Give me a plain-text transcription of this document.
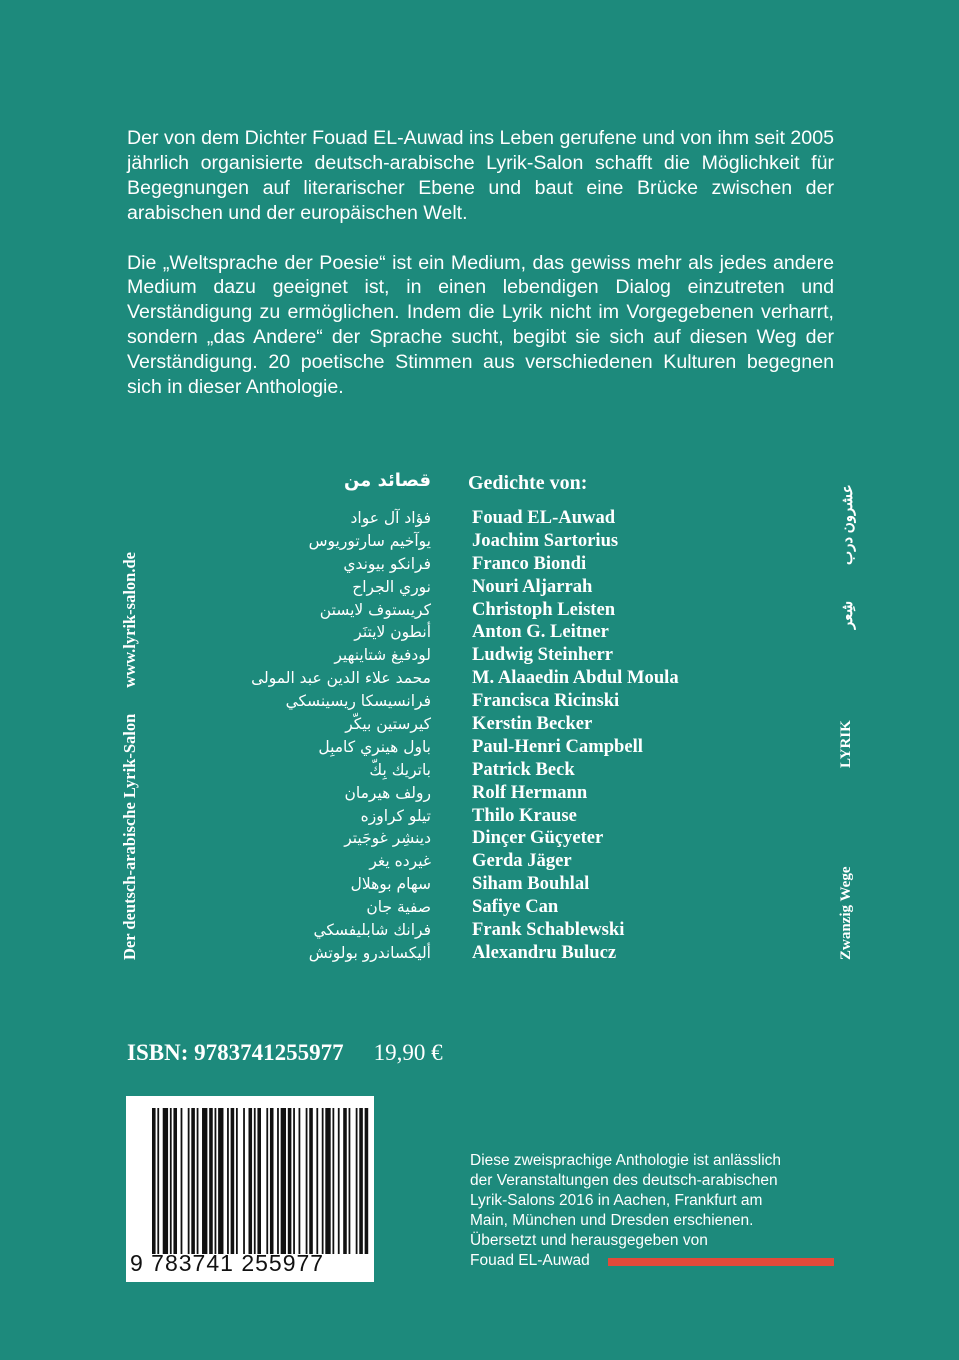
Der von dem Dichter Fouad EL-Auwad ins Leben gerufene und von ihm seit 2005 jährlich organisierte deutsch-arabische Lyrik-Salon schafft die Möglichkeit für Begegnungen auf literarischer Ebene und baut eine Brücke zwischen der arabischen und der europäischen Welt.

Die „Weltsprache der Poesie“ ist ein Medium, das gewiss mehr als jedes andere Medium dazu geeignet ist, in einen lebendigen Dialog einzutreten und Verständigung zu ermöglichen. Indem die Lyrik nicht im Vorgegebenen verharrt, sondern „das Andere“ der Sprache sucht, begibt sie sich auf diesen Weg der Verständigung. 20 poetische Stimmen aus verschiedenen Kulturen begegnen sich in dieser Anthologie.

Der deutsch-arabische Lyrik-Salonwww.lyrik-salon.de
Zwanzig Wege
LYRIK
شِعر
عشرون درب
قصائد من Gedichte von:
فؤاد آل عواد Fouad EL-Auwad
يوآخيم سارتوريوس Joachim Sartorius
فرانكو بيوندي Franco Biondi
نوري الجراح Nouri Aljarrah
كريستوف لايستن Christoph Leisten
أنطون لايتنَر Anton G. Leitner
لودفيغ شتاينهير Ludwig Steinherr
محمد علاء الدين عبد المولى M. Alaaedin Abdul Moula
فرانسيسكا ريسينسكي Francisca Ricinski
كيرستين بيكّر Kerstin Becker
باول هينري كامبِل Paul-Henri Campbell
باتريك بِكّ Patrick Beck
رولف هيرمان Rolf Hermann
تيلو كراوزه Thilo Krause
دينشِر غوجَيتر Dinçer Güçyeter
غيرده يغر Gerda Jäger
سهام بوهلال Siham Bouhlal
صفية جان Safiye Can
فرانك شابليفسكي Frank Schablewski
أليكساندرو بولوتش Alexandru Bulucz
ISBN: 9783741255977 19,90 €
9 783741 255977
Diese zweisprachige Anthologie ist anlässlich
der Veranstaltungen des deutsch-arabischen
Lyrik-Salons 2016 in Aachen, Frankfurt am
Main, München und Dresden erschienen.
Übersetzt und herausgegeben von
Fouad EL-Auwad
